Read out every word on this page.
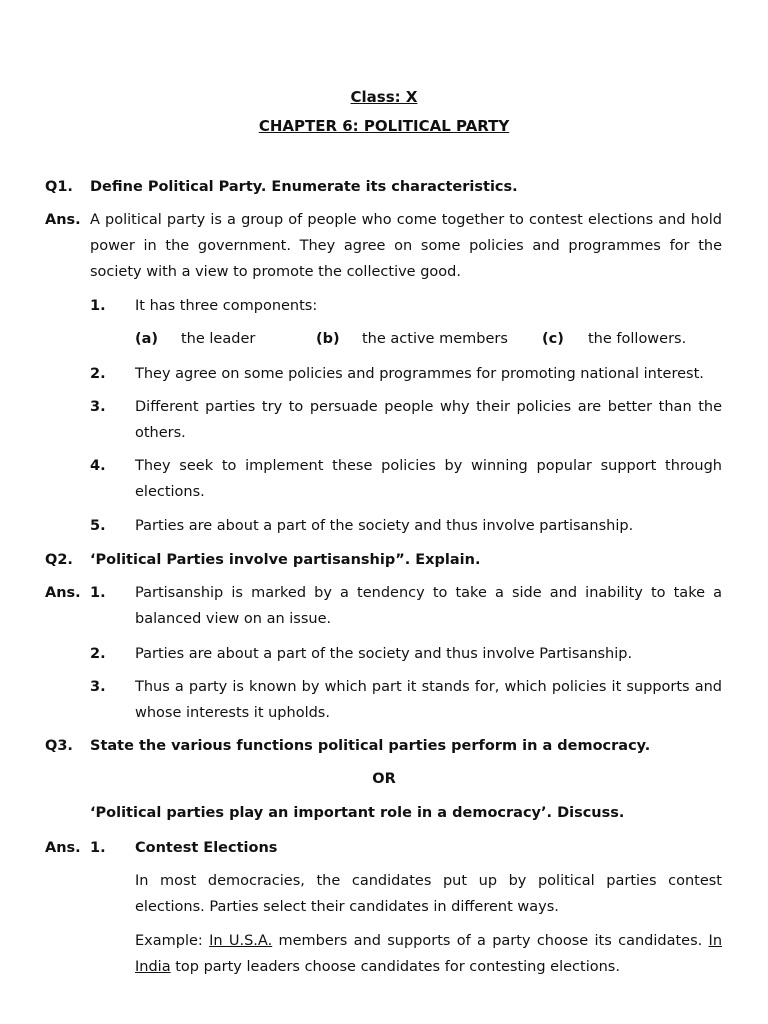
Class: X
CHAPTER 6: POLITICAL PARTY
Q1. Define Political Party. Enumerate its characteristics.
Ans. A political party is a group of people who come together to contest elections and hold power in the government. They agree on some policies and programmes for the society with a view to promote the collective good.
1. It has three components:
(a) the leader	(b) the active members (c) the followers.
2. They agree on some policies and programmes for promoting national interest.
3. Different parties try to persuade people why their policies are better than the others.
4. They seek to implement these policies by winning popular support through elections.
5. Parties are about a part of the society and thus involve partisanship.
Q2. ‘Political Parties involve partisanship”. Explain.
Ans. 1. Partisanship is marked by a tendency to take a side and inability to take a balanced view on an issue.
2. Parties are about a part of the society and thus involve Partisanship.
3. Thus a party is known by which part it stands for, which policies it supports and whose interests it upholds.
Q3. State the various functions political parties perform in a democracy.
OR
‘Political parties play an important role in a democracy’. Discuss.
Ans. 1. Contest Elections
In most democracies, the candidates put up by political parties contest elections. Parties select their candidates in different ways.
Example: In U.S.A. members and supports of a party choose its candidates. In India top party leaders choose candidates for contesting elections.
